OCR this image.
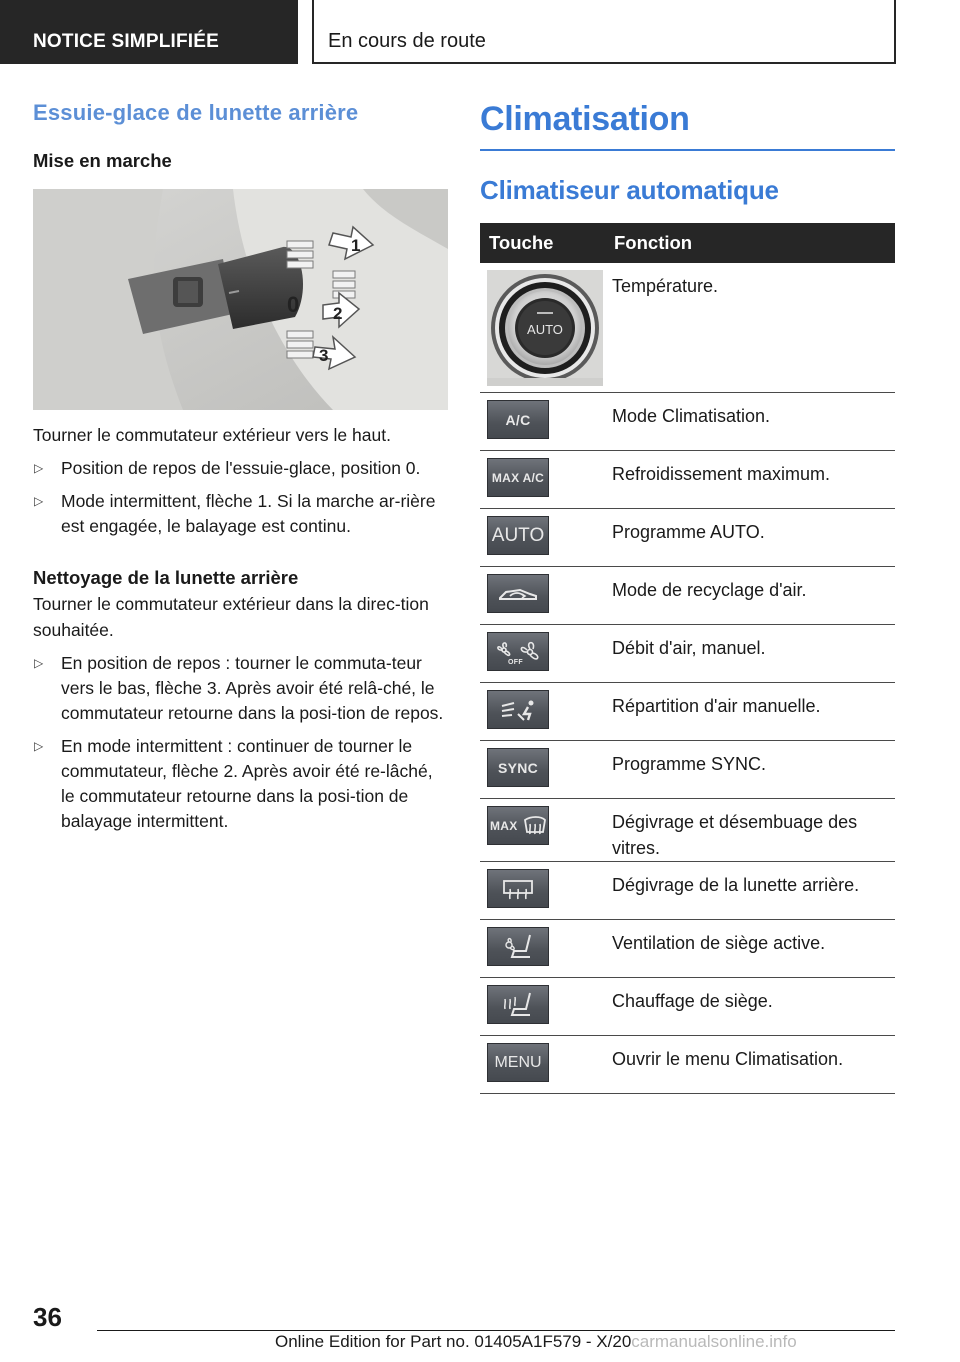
NOTICE SIMPLIFIÉE	En cours de route
Essuie-glace de lunette arrière
Mise en marche
1
0 2
3

Tourner le commutateur extérieur vers le haut.

▷ Position de repos de l'essuie-glace, position 0.
▷ Mode intermittent, flèche 1. Si la marche ar-rière est engagée, le balayage est continu.
Nettoyage de la lunette arrière

Tourner le commutateur extérieur dans la direc-tion souhaitée.

▷ En position de repos : tourner le commuta-teur vers le bas, flèche 3. Après avoir été relâ-ché, le commutateur retourne dans la posi-tion de repos.
▷ En mode intermittent : continuer de tourner le commutateur, flèche 2. Après avoir été re-lâché, le commutateur retourne dans la posi-tion de balayage intermittent.
Climatisation
Climatiseur automatique
Touche	Fonction

AUTO	Température.

A/C	Mode Climatisation.

MAX A/C	Refroidissement maximum.

AUTO	Programme AUTO.

	Mode de recyclage d'air.

OFF	Débit d'air, manuel.

	Répartition d'air manuelle.

SYNC	Programme SYNC.

MAX	Dégivrage et désembuage des vitres.

	Dégivrage de la lunette arrière.

	Ventilation de siège active.

	Chauffage de siège.

MENU	Ouvrir le menu Climatisation.
36
Online Edition for Part no. 01405A1F579 - X/20carmanualsonline.info
